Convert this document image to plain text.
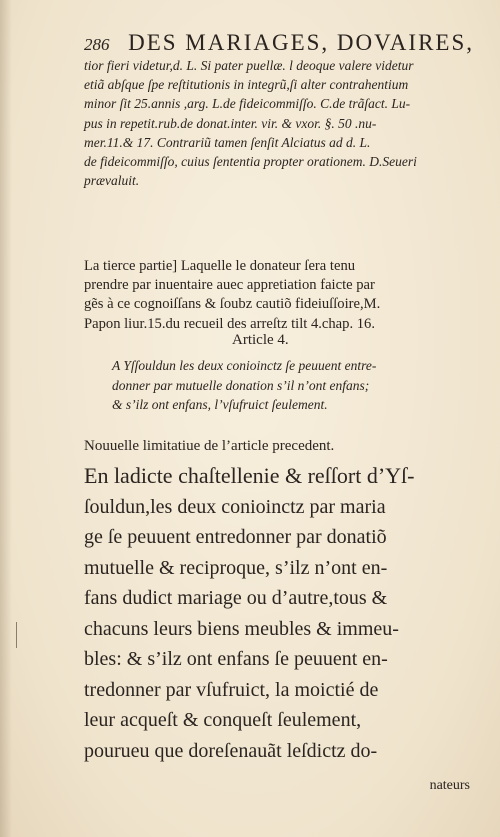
286 DES MARIAGES, DOVAIRES,

tior fieri videtur,d. L. Si pater puellæ. l deoque valere videtur

etiã abſque ſpe reſtitutionis in integrũ,ſi alter contrahentium

minor ſit 25.annis ,arg. L.de fideicommiſſo. C.de trãſact. Lu-

pus in repetit.rub.de donat.inter. vir. & vxor. §. 50 .nu-

mer.11.& 17. Contrariũ tamen ſenſit Alciatus ad d. L.

de fideicommiſſo, cuius ſententia propter orationem. D.Seueri

prævaluit.

La tierce partie] Laquelle le donateur ſera tenu

prendre par inuentaire auec appretiation faicte par

gẽs à ce cognoiſſans & ſoubz cautiõ fideiuſſoire,M.

Papon liur.15.du recueil des arreſtz tilt 4.chap. 16.

Article 4.

A Yſſouldun les deux conioinctz ſe peuuent entre-

donner par mutuelle donation s’il n’ont enfans;

& s’ilz ont enfans, l’vſufruict ſeulement.

Nouuelle limitatiue de l’article precedent.

En ladicte chaſtellenie & reſſort d’Yſ-

ſouldun,les deux conioinctz par maria

ge ſe peuuent entredonner par donatiõ

mutuelle & reciproque, s’ilz n’ont en-

fans dudict mariage ou d’autre,tous &

chacuns leurs biens meubles & immeu-

bles: & s’ilz ont enfans ſe peuuent en-

tredonner par vſufruict, la moictié de

leur acqueſt & conqueſt ſeulement,

pourueu que doreſenauãt leſdictz do-

nateurs
